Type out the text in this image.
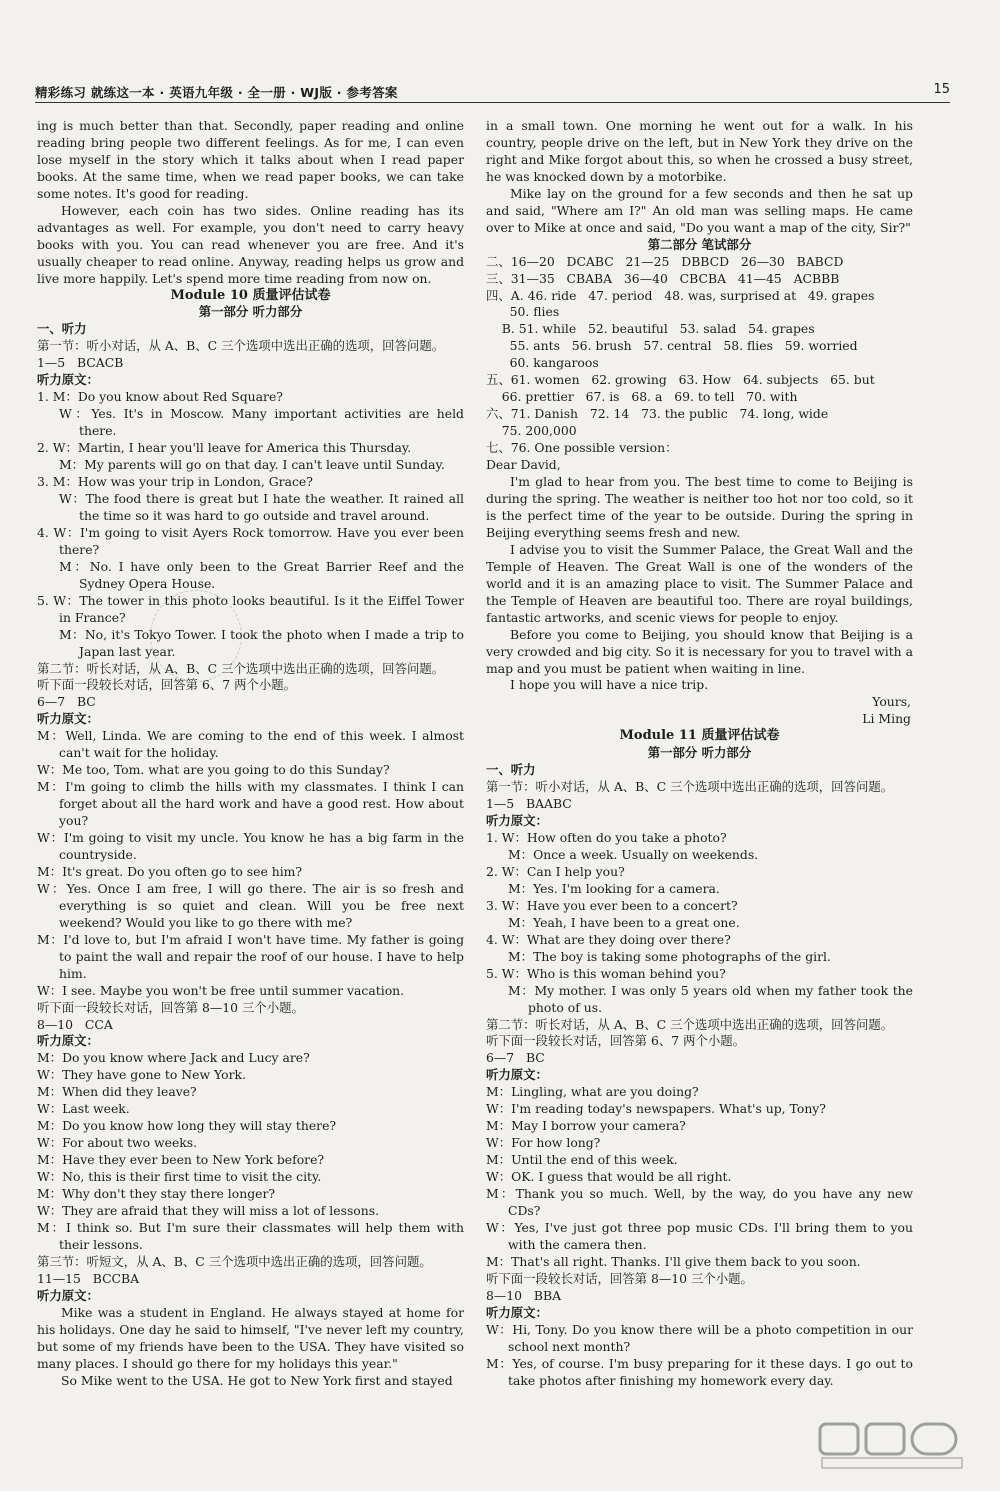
精彩练习 就练这一本 · 英语九年级 · 全一册 · WJ版 · 参考答案	15

ing is much better than that. Secondly, paper reading and online reading bring people two different feelings. As for me, I can even lose myself in the story which it talks about when I read paper books. At the same time, when we read paper books, we can take some notes. It's good for reading.

However, each coin has two sides. Online reading has its advantages as well. For example, you don't need to carry heavy books with you. You can read whenever you are free. And it's usually cheaper to read online. Anyway, reading helps us grow and live more happily. Let's spend more time reading from now on.

Module 10 质量评估试卷

第一部分 听力部分

一、听力

第一节：听小对话，从 A、B、C 三个选项中选出正确的选项，回答问题。

1—5   BCACB

听力原文：

1. M：Do you know about Red Square?

W：Yes. It's in Moscow. Many important activities are held there.

2. W：Martin, I hear you'll leave for America this Thursday.

M：My parents will go on that day. I can't leave until Sunday.

3. M：How was your trip in London, Grace?

W：The food there is great but I hate the weather. It rained all the time so it was hard to go outside and travel around.

4. W：I'm going to visit Ayers Rock tomorrow. Have you ever been there?

M：No. I have only been to the Great Barrier Reef and the Sydney Opera House.

5. W：The tower in this photo looks beautiful. Is it the Eiffel Tower in France?

M：No, it's Tokyo Tower. I took the photo when I made a trip to Japan last year.

第二节：听长对话，从 A、B、C 三个选项中选出正确的选项，回答问题。

听下面一段较长对话，回答第 6、7 两个小题。

6—7   BC

听力原文：

M：Well, Linda. We are coming to the end of this week. I almost can't wait for the holiday.

W：Me too, Tom. what are you going to do this Sunday?

M：I'm going to climb the hills with my classmates. I think I can forget about all the hard work and have a good rest. How about you?

W：I'm going to visit my uncle. You know he has a big farm in the countryside.

M：It's great. Do you often go to see him?

W：Yes. Once I am free, I will go there. The air is so fresh and everything is so quiet and clean. Will you be free next weekend? Would you like to go there with me?

M：I'd love to, but I'm afraid I won't have time. My father is going to paint the wall and repair the roof of our house. I have to help him.

W：I see. Maybe you won't be free until summer vacation.

听下面一段较长对话，回答第 8—10 三个小题。

8—10   CCA

听力原文：

M：Do you know where Jack and Lucy are?

W：They have gone to New York.

M：When did they leave?

W：Last week.

M：Do you know how long they will stay there?

W：For about two weeks.

M：Have they ever been to New York before?

W：No, this is their first time to visit the city.

M：Why don't they stay there longer?

W：They are afraid that they will miss a lot of lessons.

M：I think so. But I'm sure their classmates will help them with their lessons.

第三节：听短文，从 A、B、C 三个选项中选出正确的选项，回答问题。

11—15   BCCBA

听力原文：

Mike was a student in England. He always stayed at home for his holidays. One day he said to himself, "I've never left my country, but some of my friends have been to the USA. They have visited so many places. I should go there for my holidays this year."

So Mike went to the USA. He got to New York first and stayed

in a small town. One morning he went out for a walk. In his country, people drive on the left, but in New York they drive on the right and Mike forgot about this, so when he crossed a busy street, he was knocked down by a motorbike.

Mike lay on the ground for a few seconds and then he sat up and said, "Where am I?" An old man was selling maps. He came over to Mike at once and said, "Do you want a map of the city, Sir?"

第二部分 笔试部分

二、16—20   DCABC   21—25   DBBCD   26—30   BABCD

三、31—35   CBABA   36—40   CBCBA   41—45   ACBBB

四、A. 46. ride   47. period   48. was, surprised at   49. grapes

50. flies

B. 51. while   52. beautiful   53. salad   54. grapes

55. ants   56. brush   57. central   58. flies   59. worried

60. kangaroos

五、61. women   62. growing   63. How   64. subjects   65. but

66. prettier   67. is   68. a   69. to tell   70. with

六、71. Danish   72. 14   73. the public   74. long, wide

75. 200,000

七、76. One possible version：

Dear David,

I'm glad to hear from you. The best time to come to Beijing is during the spring. The weather is neither too hot nor too cold, so it is the perfect time of the year to be outside. During the spring in Beijing everything seems fresh and new.

I advise you to visit the Summer Palace, the Great Wall and the Temple of Heaven. The Great Wall is one of the wonders of the world and it is an amazing place to visit. The Summer Palace and the Temple of Heaven are beautiful too. There are royal buildings, fantastic artworks, and scenic views for people to enjoy.

Before you come to Beijing, you should know that Beijing is a very crowded and big city. So it is necessary for you to travel with a map and you must be patient when waiting in line.

I hope you will have a nice trip.

Yours,

Li Ming

Module 11 质量评估试卷

第一部分 听力部分

一、听力

第一节：听小对话，从 A、B、C 三个选项中选出正确的选项，回答问题。

1—5   BAABC

听力原文：

1. W：How often do you take a photo?

M：Once a week. Usually on weekends.

2. W：Can I help you?

M：Yes. I'm looking for a camera.

3. W：Have you ever been to a concert?

M：Yeah, I have been to a great one.

4. W：What are they doing over there?

M：The boy is taking some photographs of the girl.

5. W：Who is this woman behind you?

M：My mother. I was only 5 years old when my father took the photo of us.

第二节：听长对话，从 A、B、C 三个选项中选出正确的选项，回答问题。

听下面一段较长对话，回答第 6、7 两个小题。

6—7   BC

听力原文：

M：Lingling, what are you doing?

W：I'm reading today's newspapers. What's up, Tony?

M：May I borrow your camera?

W：For how long?

M：Until the end of this week.

W：OK. I guess that would be all right.

M：Thank you so much. Well, by the way, do you have any new CDs?

W：Yes, I've just got three pop music CDs. I'll bring them to you with the camera then.

M：That's all right. Thanks. I'll give them back to you soon.

听下面一段较长对话，回答第 8—10 三个小题。

8—10   BBA

听力原文：

W：Hi, Tony. Do you know there will be a photo competition in our school next month?

M：Yes, of course. I'm busy preparing for it these days. I go out to take photos after finishing my homework every day.
